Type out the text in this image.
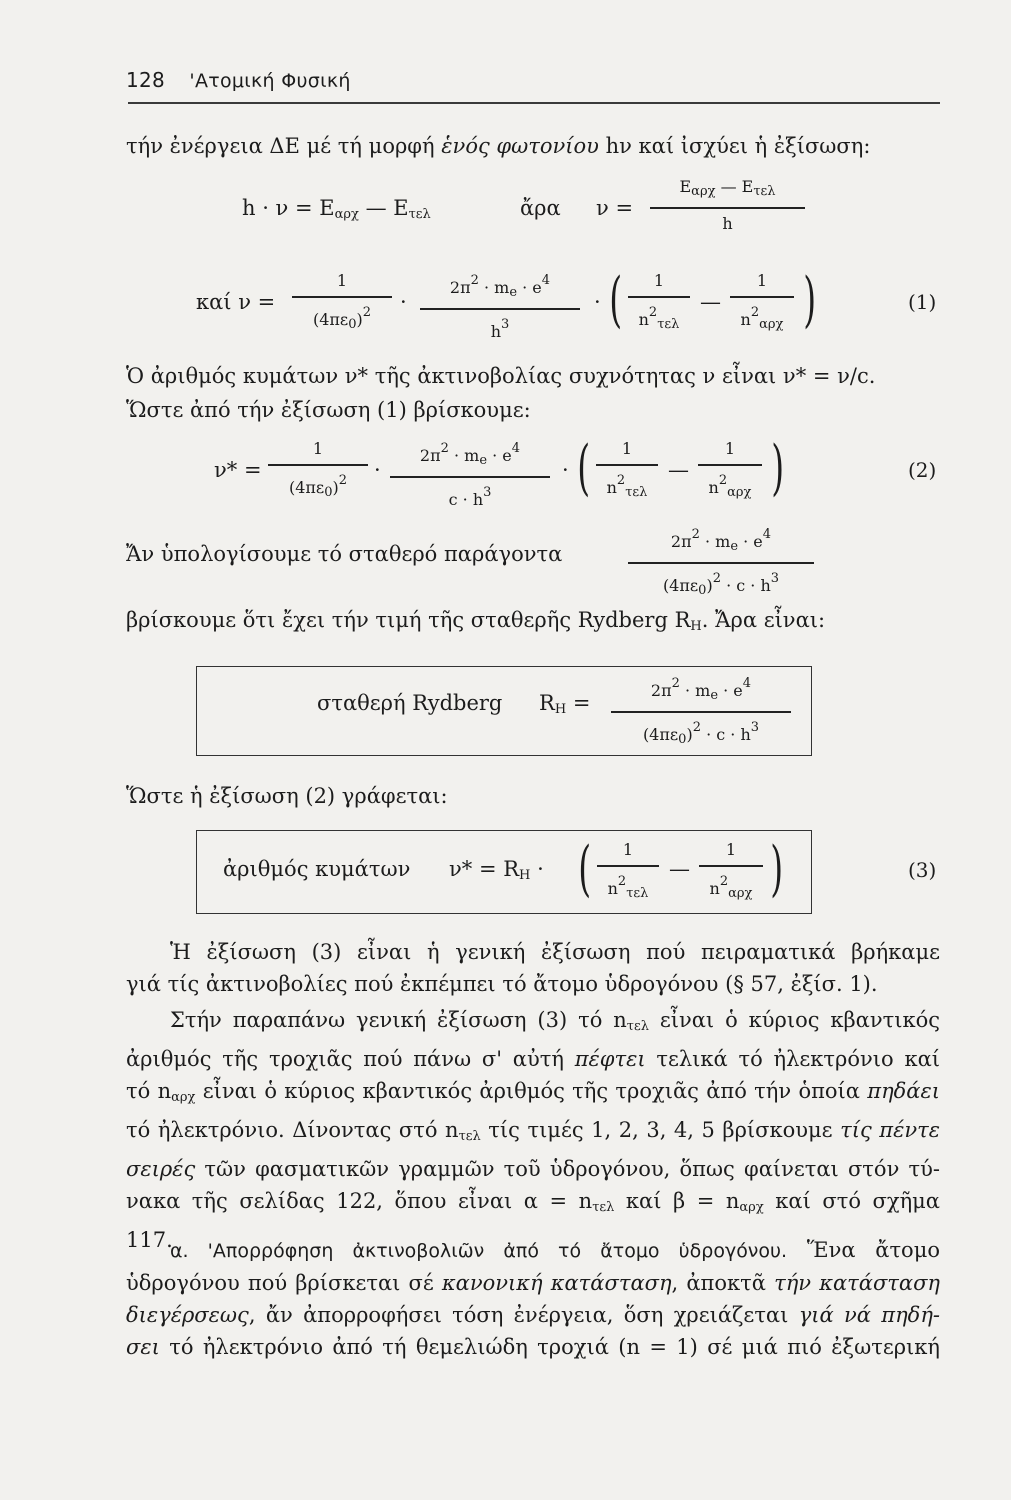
128 'Ατομική Φυσική
τήν ἐνέργεια ΔΕ μέ τή μορφή ἑνός φωτονίου hν καί ἰσχύει ἡ ἐξίσωση:
$h \cdot \nu = E_{\alpha\rho\chi}$ — $E_{\tau\varepsilon\lambda}$	ἄρα ν =
$E_{\alpha\rho\chi}$ — $E_{\tau\varepsilon\lambda}$
h
καί ν =
1
$(4\pi\varepsilon_0)^2$	·
$2\pi^2 \cdot m_e \cdot e^4$
$h^3$
· (	1
$n^2_{\tau\varepsilon\lambda}$
—
1
$n^2_{\alpha\rho\chi}$ )	(1)
Ὁ ἀριθμός κυμάτων ν* τῆς ἀκτινοβολίας συχνότητας ν εἶναι ν* = ν/c.
Ὥστε ἀπό τήν ἐξίσωση (1) βρίσκουμε:
ν* =
1
$(4\pi\varepsilon_0)^2$	·
$2\pi^2 \cdot m_e \cdot e^4$
$c \cdot h^3$
· (	1
$n^2_{\tau\varepsilon\lambda}$
—
1
$n^2_{\alpha\rho\chi}$ )	(2)
Ἄν ὑπολογίσουμε τό σταθερό παράγοντα
$2\pi^2 \cdot m_e \cdot e^4$
$(4\pi\varepsilon_0)^2 \cdot c \cdot h^3$
βρίσκουμε ὅτι ἔχει τήν τιμή τῆς σταθερῆς Rydberg $R_H$. Ἄρα εἶναι:
σταθερή Rydberg $R_H$ =
$2\pi^2 \cdot m_e \cdot e^4$
$(4\pi\varepsilon_0)^2 \cdot c \cdot h^3$
Ὥστε ἡ ἐξίσωση (2) γράφεται:
ἀριθμός κυμάτων $\nu* = R_H$ · (	1
$n^2_{\tau\varepsilon\lambda}$
—
1
$n^2_{\alpha\rho\chi}$ )	(3)
Ἡ ἐξίσωση (3) εἶναι ἡ γενική ἐξίσωση πού πειραματικά βρήκαμε
γιά τίς ἀκτινοβολίες πού ἐκπέμπει τό ἄτομο ὑδρογόνου (§ 57, ἐξίσ. 1).
Στήν παραπάνω γενική ἐξίσωση (3) τό $n_{\tau\varepsilon\lambda}$ εἶναι ὁ κύριος κβαντικός
ἀριθμός τῆς τροχιᾶς πού πάνω σ' αὐτή πέφτει τελικά τό ἠλεκτρόνιο καί
τό $n_{\alpha\rho\chi}$ εἶναι ὁ κύριος κβαντικός ἀριθμός τῆς τροχιᾶς ἀπό τήν ὁποία πηδάει
τό ἠλεκτρόνιο. Δίνοντας στό $n_{\tau\varepsilon\lambda}$ τίς τιμές 1, 2, 3, 4, 5 βρίσκουμε τίς πέντε
σειρές τῶν φασματικῶν γραμμῶν τοῦ ὑδρογόνου, ὅπως φαίνεται στόν τύ-
νακα τῆς σελίδας 122, ὅπου εἶναι $\alpha = n_{\tau\varepsilon\lambda}$ καί $\beta = n_{\alpha\rho\chi}$ καί στό σχῆμα
117.
α. 'Απορρόφηση ἀκτινοβολιῶν ἀπό τό ἄτομο ὑδρογόνου. Ἕνα ἄτομο
ὑδρογόνου πού βρίσκεται σέ κανονική κατάσταση, ἀποκτᾶ τήν κατάσταση
διεγέρσεως, ἄν ἀπορροφήσει τόση ἐνέργεια, ὅση χρειάζεται γιά νά πηδή-
σει τό ἠλεκτρόνιο ἀπό τή θεμελιώδη τροχιά (n = 1) σέ μιά πιό ἐξωτερική
